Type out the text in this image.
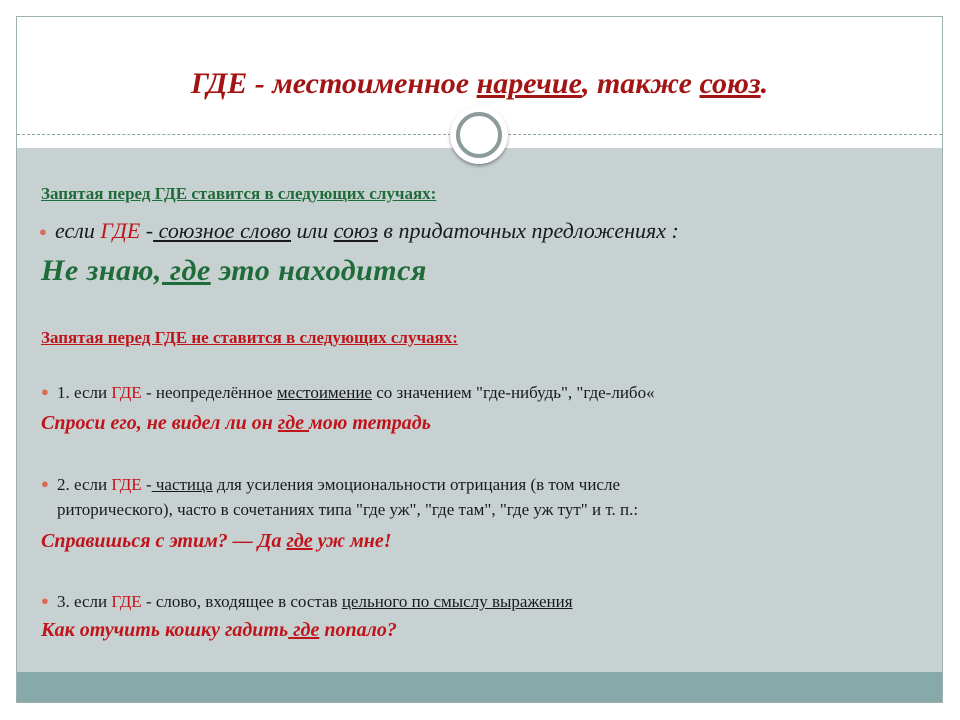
ГДЕ - местоименное наречие, также союз.
Запятая перед ГДЕ ставится в следующих случаях:
● если ГДЕ - союзное слово или союз в придаточных предложениях :
Не знаю, где это находится
Запятая перед ГДЕ не ставится в следующих случаях:
● 1. если ГДЕ - неопределённое местоимение со значением "где-нибудь", "где-либо«
Спроси его, не видел ли он где мою тетрадь
● 2. если ГДЕ - частица для усиления эмоциональности отрицания (в том числе
риторического), часто в сочетаниях типа "где уж", "где там", "где уж тут" и т. п.:
Справишься с этим? — Да где уж мне!
● 3. если ГДЕ - слово, входящее в состав цельного по смыслу выражения
Как отучить кошку гадить где попало?
